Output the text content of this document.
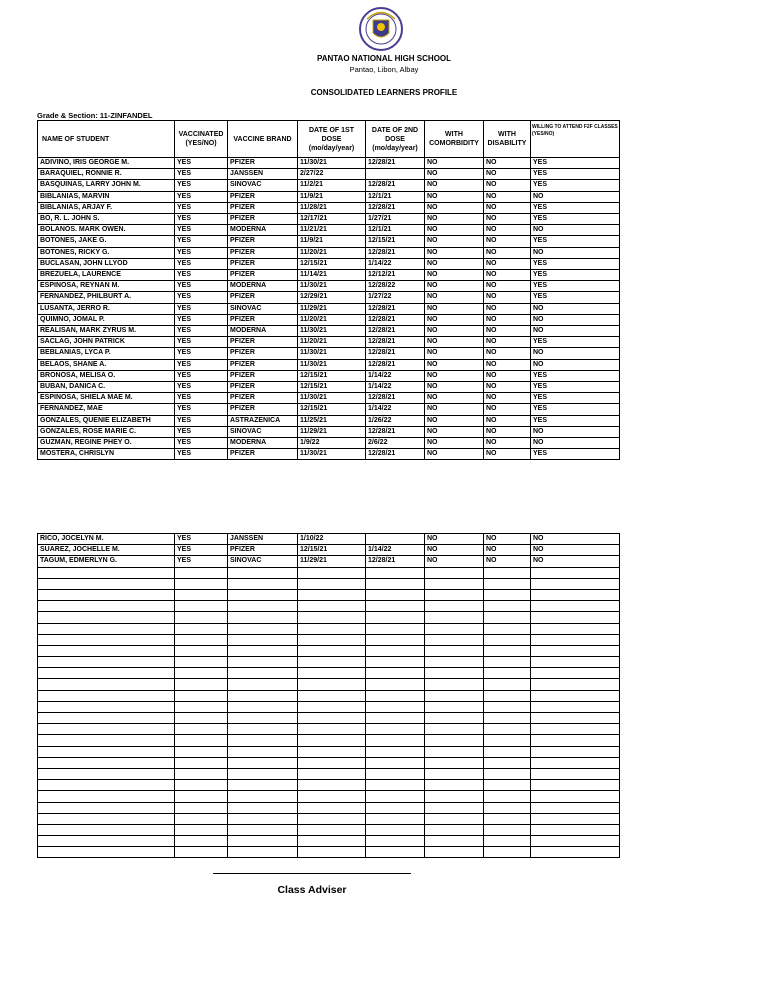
PANTAO NATIONAL HIGH SCHOOL
Pantao, Libon, Albay
CONSOLIDATED LEARNERS PROFILE
Grade & Section: 11-ZINFANDEL
NAME OF STUDENT	VACCINATED (YES/NO)	VACCINE BRAND	DATE OF 1ST DOSE (mo/day/year)	DATE OF 2ND DOSE (mo/day/year)	WITH COMORBIDITY	WITH DISABILITY	WILLING TO ATTEND F2F CLASSES (YES/NO)
ADIVINO, IRIS GEORGE M.	YES	PFIZER	11/30/21	12/28/21	NO	NO	YES
BARAQUIEL, RONNIE R.	YES	JANSSEN	2/27/22		NO	NO	YES
BASQUINAS, LARRY JOHN M.	YES	SINOVAC	11/2/21	12/28/21	NO	NO	YES
BIBLANIAS, MARVIN	YES	PFIZER	11/9/21	12/1/21	NO	NO	NO
BIBLANIAS, ARJAY F.	YES	PFIZER	11/28/21	12/28/21	NO	NO	YES
BO, R. L. JOHN S.	YES	PFIZER	12/17/21	1/27/21	NO	NO	YES
BOLANOS. MARK OWEN.	YES	MODERNA	11/21/21	12/1/21	NO	NO	NO
BOTONES, JAKE G.	YES	PFIZER	11/9/21	12/15/21	NO	NO	YES
BOTONES, RICKY G.	YES	PFIZER	11/20/21	12/28/21	NO	NO	NO
BUCLASAN, JOHN LLYOD	YES	PFIZER	12/15/21	1/14/22	NO	NO	YES
BREZUELA, LAURENCE	YES	PFIZER	11/14/21	12/12/21	NO	NO	YES
ESPINOSA, REYNAN M.	YES	MODERNA	11/30/21	12/28/22	NO	NO	YES
FERNANDEZ, PHILBURT A.	YES	PFIZER	12/29/21	1/27/22	NO	NO	YES
LUSANTA, JERRO R.	YES	SINOVAC	11/29/21	12/28/21	NO	NO	NO
QUIMNO, JOMAL P.	YES	PFIZER	11/20/21	12/28/21	NO	NO	NO
REALISAN, MARK ZYRUS M.	YES	MODERNA	11/30/21	12/28/21	NO	NO	NO
SACLAG, JOHN PATRICK	YES	PFIZER	11/20/21	12/28/21	NO	NO	YES
BEBLANIAS, LYCA P.	YES	PFIZER	11/30/21	12/28/21	NO	NO	NO
BELAOS, SHANE A.	YES	PFIZER	11/30/21	12/28/21	NO	NO	NO
BRONOSA, MELISA O.	YES	PFIZER	12/15/21	1/14/22	NO	NO	YES
BUBAN, DANICA C.	YES	PFIZER	12/15/21	1/14/22	NO	NO	YES
ESPINOSA, SHIELA MAE M.	YES	PFIZER	11/30/21	12/28/21	NO	NO	YES
FERNANDEZ, MAE	YES	PFIZER	12/15/21	1/14/22	NO	NO	YES
GONZALES, QUENIE ELIZABETH	YES	ASTRAZENICA	11/25/21	1/26/22	NO	NO	YES
GONZALES, ROSE MARIE C.	YES	SINOVAC	11/29/21	12/28/21	NO	NO	NO
GUZMAN, REGINE PHEY O.	YES	MODERNA	1/9/22	2/6/22	NO	NO	NO
MOSTERA, CHRISLYN	YES	PFIZER	11/30/21	12/28/21	NO	NO	YES
RICO, JOCELYN M.	YES	JANSSEN	1/10/22		NO	NO	NO
SUAREZ, JOCHELLE M.	YES	PFIZER	12/15/21	1/14/22	NO	NO	NO
TAGUM, EDMERLYN G.	YES	SINOVAC	11/29/21	12/28/21	NO	NO	NO

Class Adviser
